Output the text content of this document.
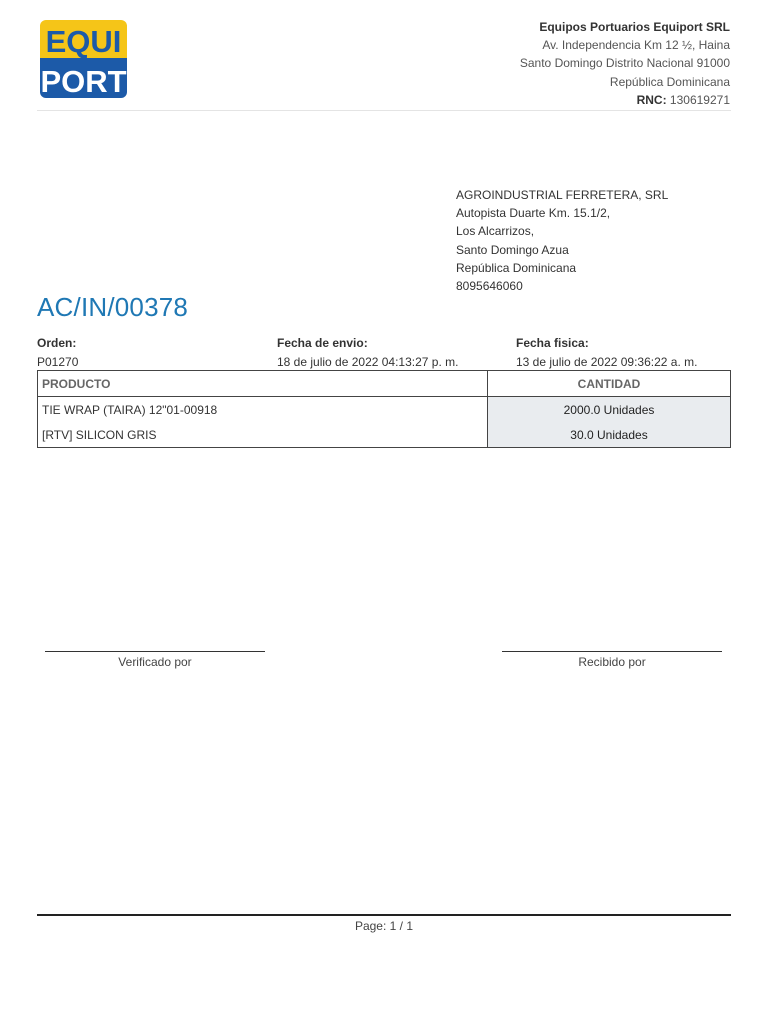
EQUI
PORT
Equipos Portuarios Equiport SRL
Av. Independencia Km 12 ½, Haina
Santo Domingo Distrito Nacional 91000
República Dominicana
RNC: 130619271
AGROINDUSTRIAL FERRETERA, SRL
Autopista Duarte Km. 15.1/2,
Los Alcarrizos,
Santo Domingo Azua
República Dominicana
8095646060
AC/IN/00378
Orden:
P01270
Fecha de envio:
18 de julio de 2022 04:13:27 p. m.
Fecha fisica:
13 de julio de 2022 09:36:22 a. m.
PRODUCTO	CANTIDAD
TIE WRAP (TAIRA) 12"01-00918	2000.0 Unidades
[RTV] SILICON GRIS	30.0 Unidades
Verificado por	Recibido por
Page: 1 / 1
